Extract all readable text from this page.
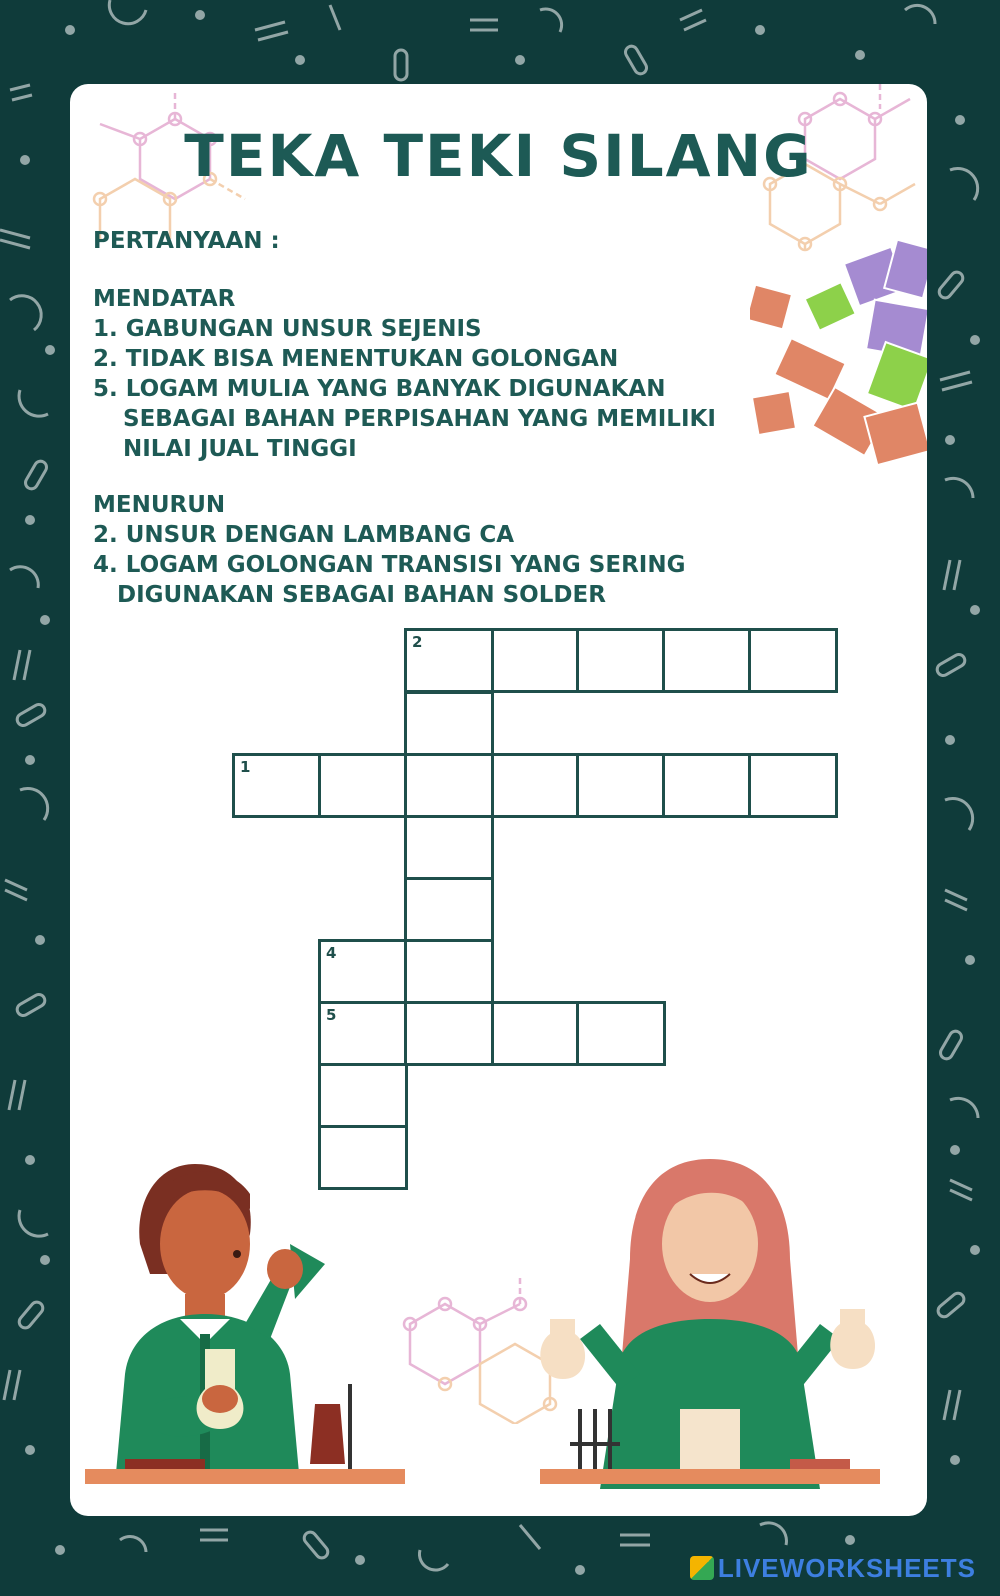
TEKA TEKI SILANG
PERTANYAAN :
MENDATAR
1. GABUNGAN UNSUR SEJENIS
2. TIDAK BISA MENENTUKAN GOLONGAN
5. LOGAM MULIA YANG BANYAK DIGUNAKAN
SEBAGAI BAHAN PERPISAHAN YANG MEMILIKI
NILAI JUAL TINGGI
MENURUN
2. UNSUR DENGAN LAMBANG CA
4. LOGAM GOLONGAN TRANSISI YANG SERING
DIGUNAKAN SEBAGAI BAHAN SOLDER
2
1
4
5
LIVEWORKSHEETS
